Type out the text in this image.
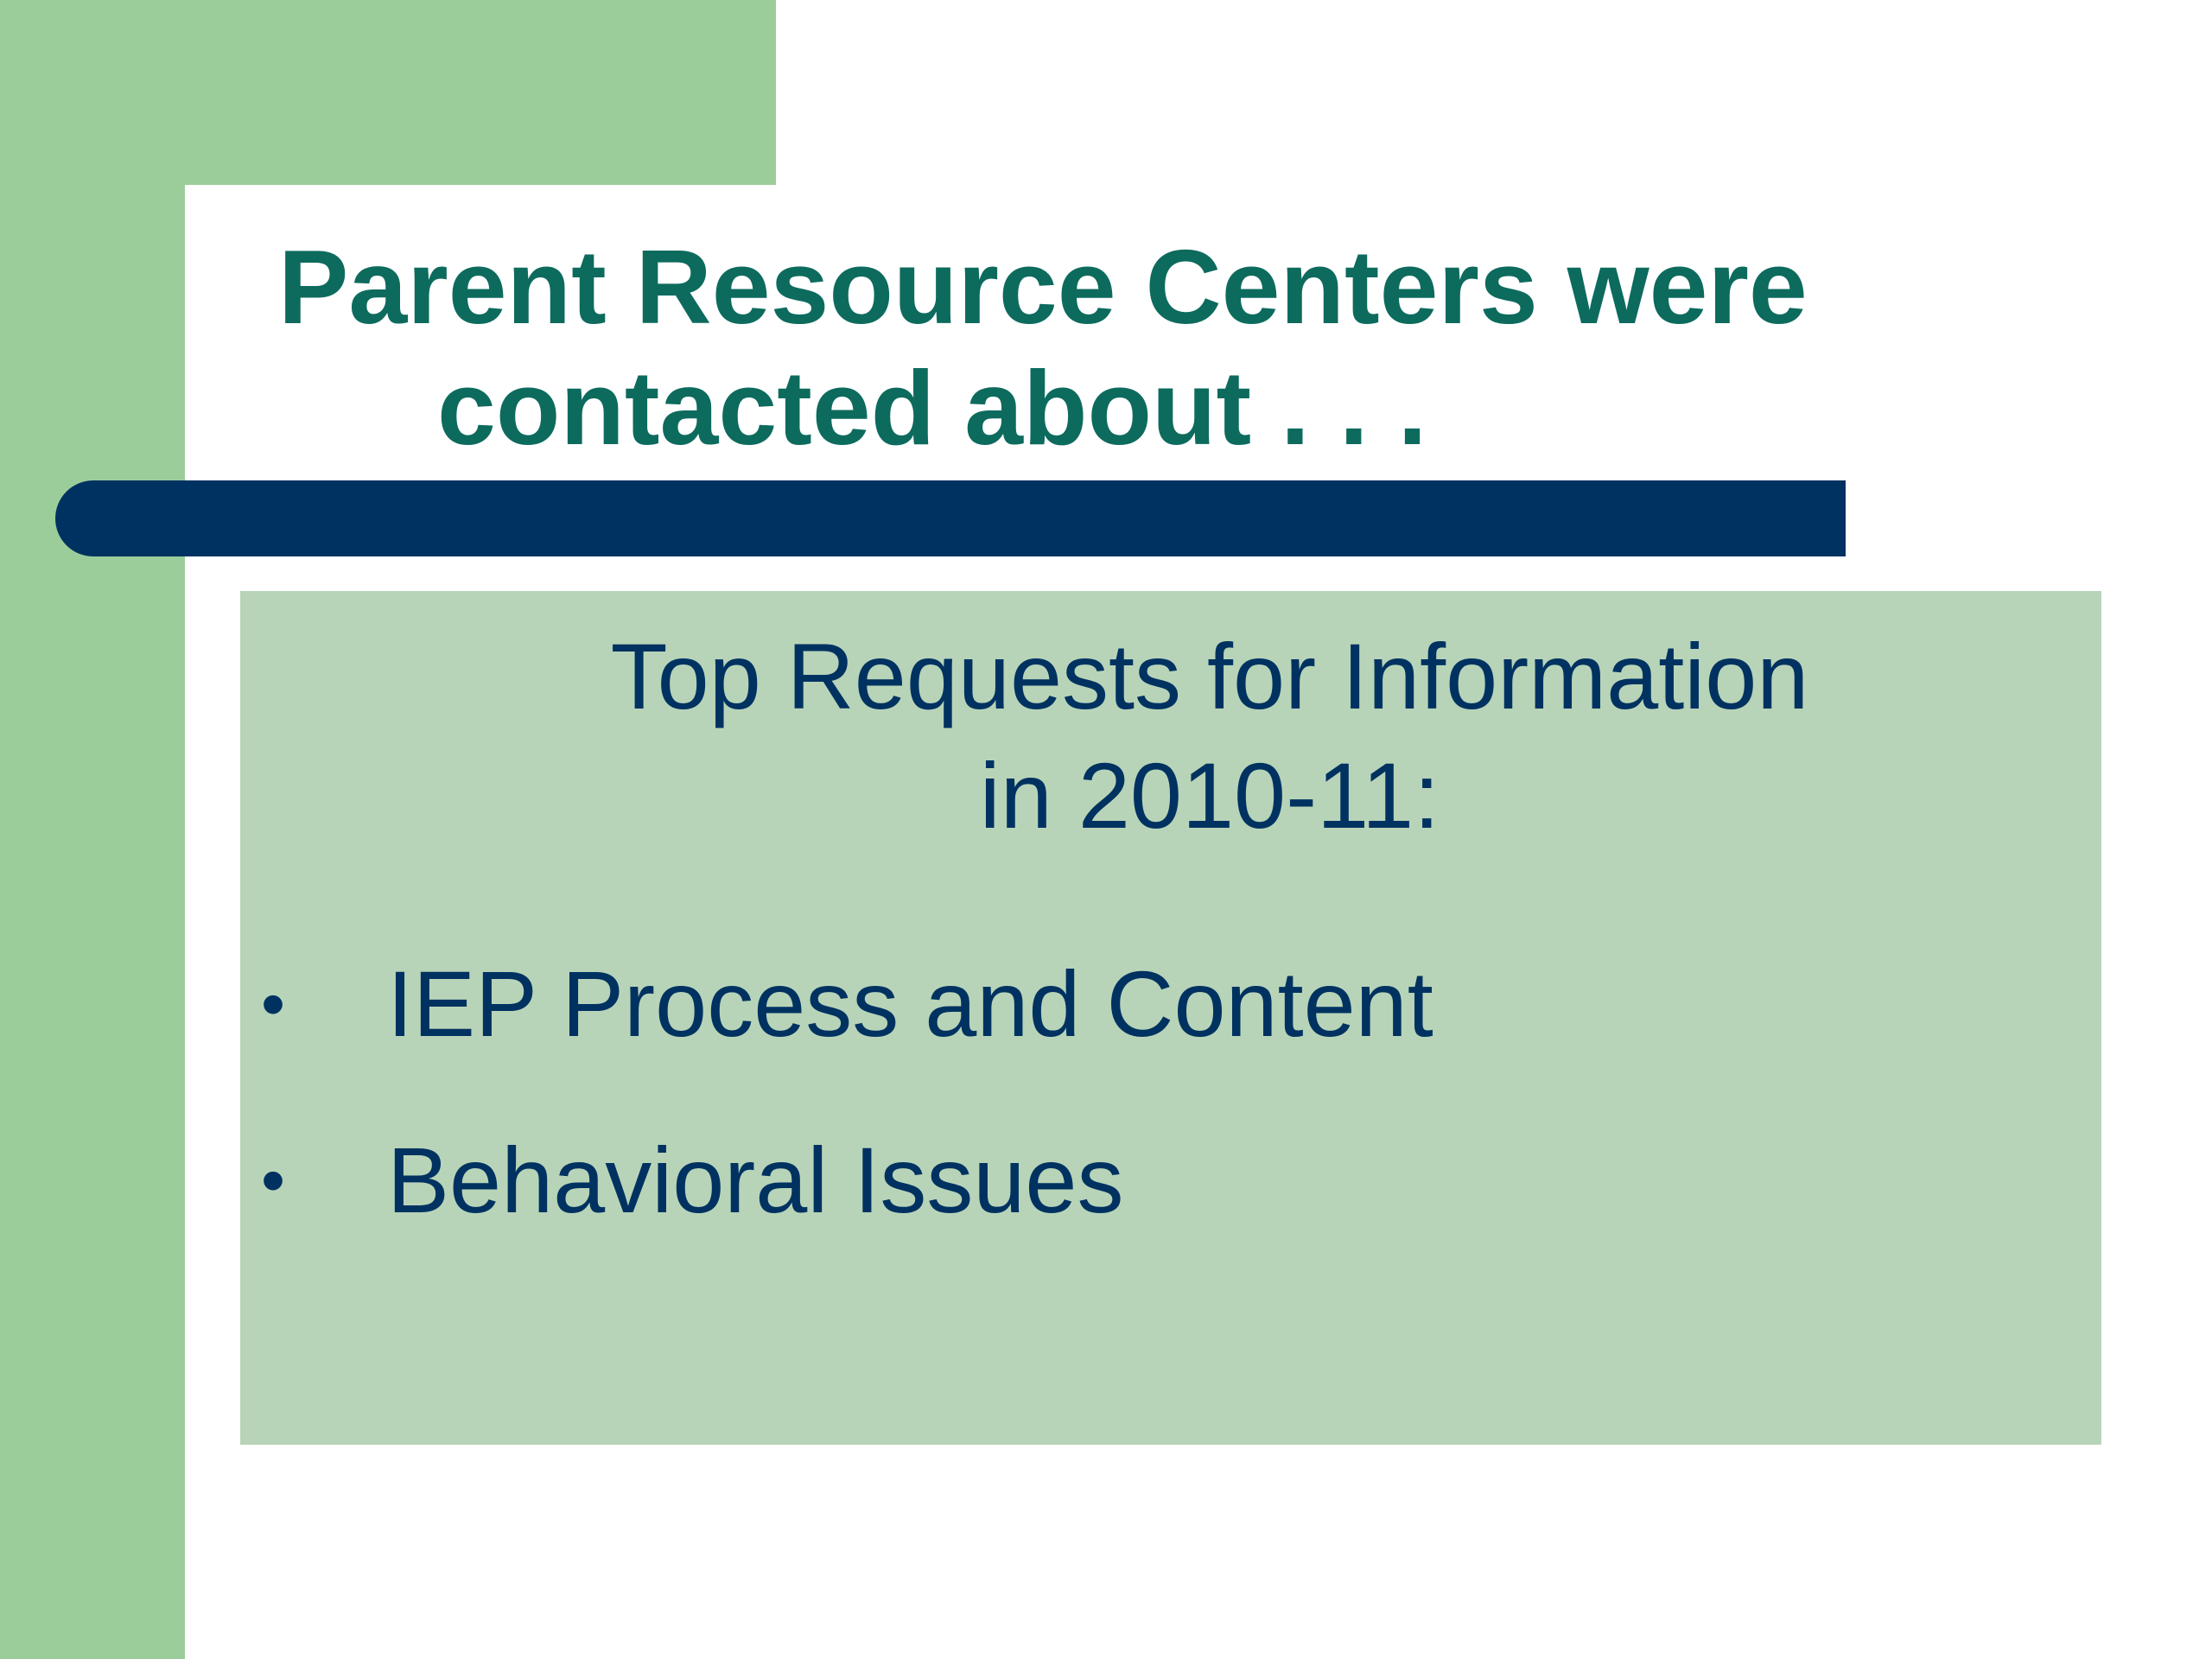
Parent Resource Centers were
contacted about . . .
Top Requests for Information
in 2010-11:
• IEP Process and Content
• Behavioral Issues
